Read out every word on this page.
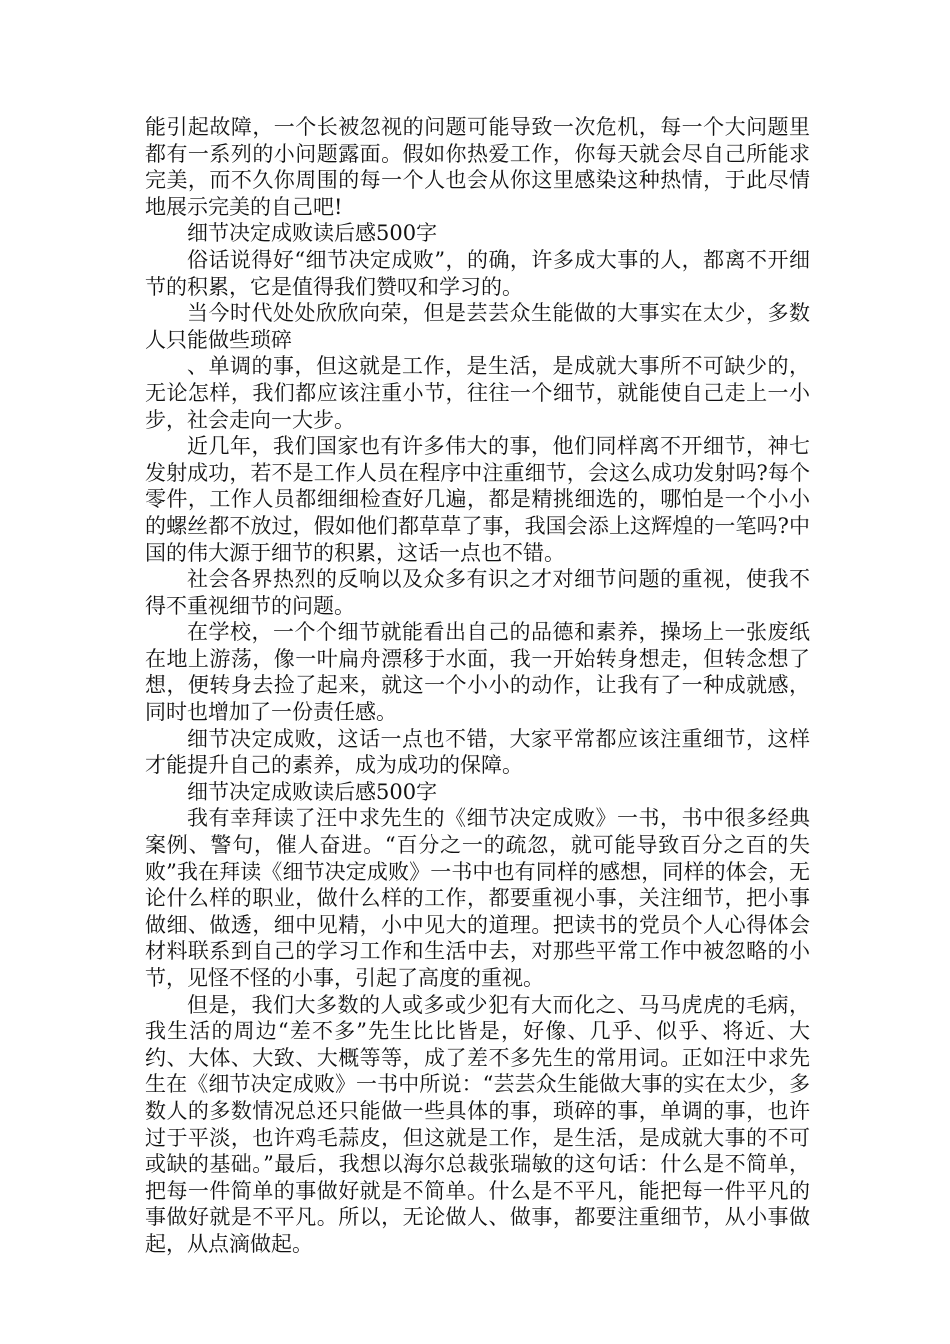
能引起故障，一个长被忽视的问题可能导致一次危机，每一个大问题里都有一系列的小问题露面。假如你热爱工作，你每天就会尽自己所能求完美，而不久你周围的每一个人也会从你这里感染这种热情，于此尽情地展示完美的自己吧!

细节决定成败读后感500字

俗话说得好“细节决定成败”，的确，许多成大事的人，都离不开细节的积累，它是值得我们赞叹和学习的。

当今时代处处欣欣向荣，但是芸芸众生能做的大事实在太少，多数人只能做些琐碎

、单调的事，但这就是工作，是生活，是成就大事所不可缺少的，无论怎样，我们都应该注重小节，往往一个细节，就能使自己走上一小步，社会走向一大步。

近几年，我们国家也有许多伟大的事，他们同样离不开细节，神七发射成功，若不是工作人员在程序中注重细节，会这么成功发射吗?每个零件，工作人员都细细检查好几遍，都是精挑细选的，哪怕是一个小小的螺丝都不放过，假如他们都草草了事，我国会添上这辉煌的一笔吗?中国的伟大源于细节的积累，这话一点也不错。

社会各界热烈的反响以及众多有识之才对细节问题的重视，使我不得不重视细节的问题。

在学校，一个个细节就能看出自己的品德和素养，操场上一张废纸在地上游荡，像一叶扁舟漂移于水面，我一开始转身想走，但转念想了想，便转身去捡了起来，就这一个小小的动作，让我有了一种成就感，同时也增加了一份责任感。

细节决定成败，这话一点也不错，大家平常都应该注重细节，这样才能提升自己的素养，成为成功的保障。

细节决定成败读后感500字

我有幸拜读了汪中求先生的《细节决定成败》一书，书中很多经典案例、警句，催人奋进。“百分之一的疏忽，就可能导致百分之百的失败”我在拜读《细节决定成败》一书中也有同样的感想，同样的体会，无论什么样的职业，做什么样的工作，都要重视小事，关注细节，把小事做细、做透，细中见精，小中见大的道理。把读书的党员个人心得体会材料联系到自己的学习工作和生活中去，对那些平常工作中被忽略的小节，见怪不怪的小事，引起了高度的重视。

但是，我们大多数的人或多或少犯有大而化之、马马虎虎的毛病，我生活的周边“差不多”先生比比皆是，好像、几乎、似乎、将近、大约、大体、大致、大概等等，成了差不多先生的常用词。正如汪中求先生在《细节决定成败》一书中所说：“芸芸众生能做大事的实在太少，多数人的多数情况总还只能做一些具体的事，琐碎的事，单调的事，也许过于平淡，也许鸡毛蒜皮，但这就是工作，是生活，是成就大事的不可或缺的基础。”最后，我想以海尔总裁张瑞敏的这句话：什么是不简单，把每一件简单的事做好就是不简单。什么是不平凡，能把每一件平凡的事做好就是不平凡。所以，无论做人、做事，都要注重细节，从小事做起，从点滴做起。
